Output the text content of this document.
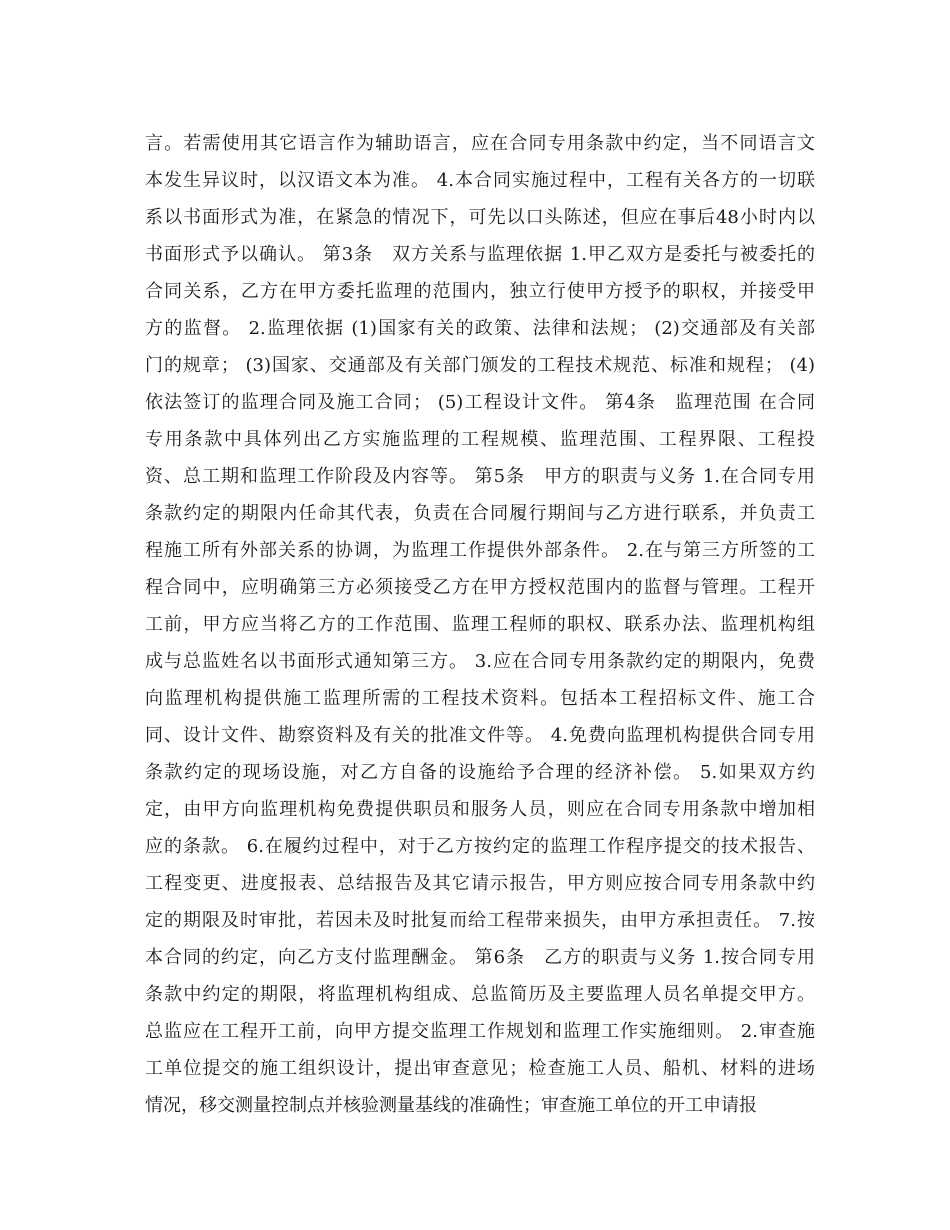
言。若需使用其它语言作为辅助语言，应在合同专用条款中约定，当不同语言文
本发生异议时，以汉语文本为准。 4.本合同实施过程中，工程有关各方的一切联
系以书面形式为准，在紧急的情况下，可先以口头陈述，但应在事后48小时内以
书面形式予以确认。 第3条　双方关系与监理依据 1.甲乙双方是委托与被委托的
合同关系，乙方在甲方委托监理的范围内，独立行使甲方授予的职权，并接受甲
方的监督。 2.监理依据 (1)国家有关的政策、法律和法规； (2)交通部及有关部
门的规章； (3)国家、交通部及有关部门颁发的工程技术规范、标准和规程； (4)
依法签订的监理合同及施工合同； (5)工程设计文件。 第4条　监理范围 在合同
专用条款中具体列出乙方实施监理的工程规模、监理范围、工程界限、工程投
资、总工期和监理工作阶段及内容等。 第5条　甲方的职责与义务 1.在合同专用
条款约定的期限内任命其代表，负责在合同履行期间与乙方进行联系，并负责工
程施工所有外部关系的协调，为监理工作提供外部条件。 2.在与第三方所签的工
程合同中，应明确第三方必须接受乙方在甲方授权范围内的监督与管理。工程开
工前，甲方应当将乙方的工作范围、监理工程师的职权、联系办法、监理机构组
成与总监姓名以书面形式通知第三方。 3.应在合同专用条款约定的期限内，免费
向监理机构提供施工监理所需的工程技术资料。包括本工程招标文件、施工合
同、设计文件、勘察资料及有关的批准文件等。 4.免费向监理机构提供合同专用
条款约定的现场设施，对乙方自备的设施给予合理的经济补偿。 5.如果双方约
定，由甲方向监理机构免费提供职员和服务人员，则应在合同专用条款中增加相
应的条款。 6.在履约过程中，对于乙方按约定的监理工作程序提交的技术报告、
工程变更、进度报表、总结报告及其它请示报告，甲方则应按合同专用条款中约
定的期限及时审批，若因未及时批复而给工程带来损失，由甲方承担责任。 7.按
本合同的约定，向乙方支付监理酬金。 第6条　乙方的职责与义务 1.按合同专用
条款中约定的期限，将监理机构组成、总监简历及主要监理人员名单提交甲方。
总监应在工程开工前，向甲方提交监理工作规划和监理工作实施细则。 2.审查施
工单位提交的施工组织设计，提出审查意见；检查施工人员、船机、材料的进场
情况，移交测量控制点并核验测量基线的准确性；审查施工单位的开工申请报
